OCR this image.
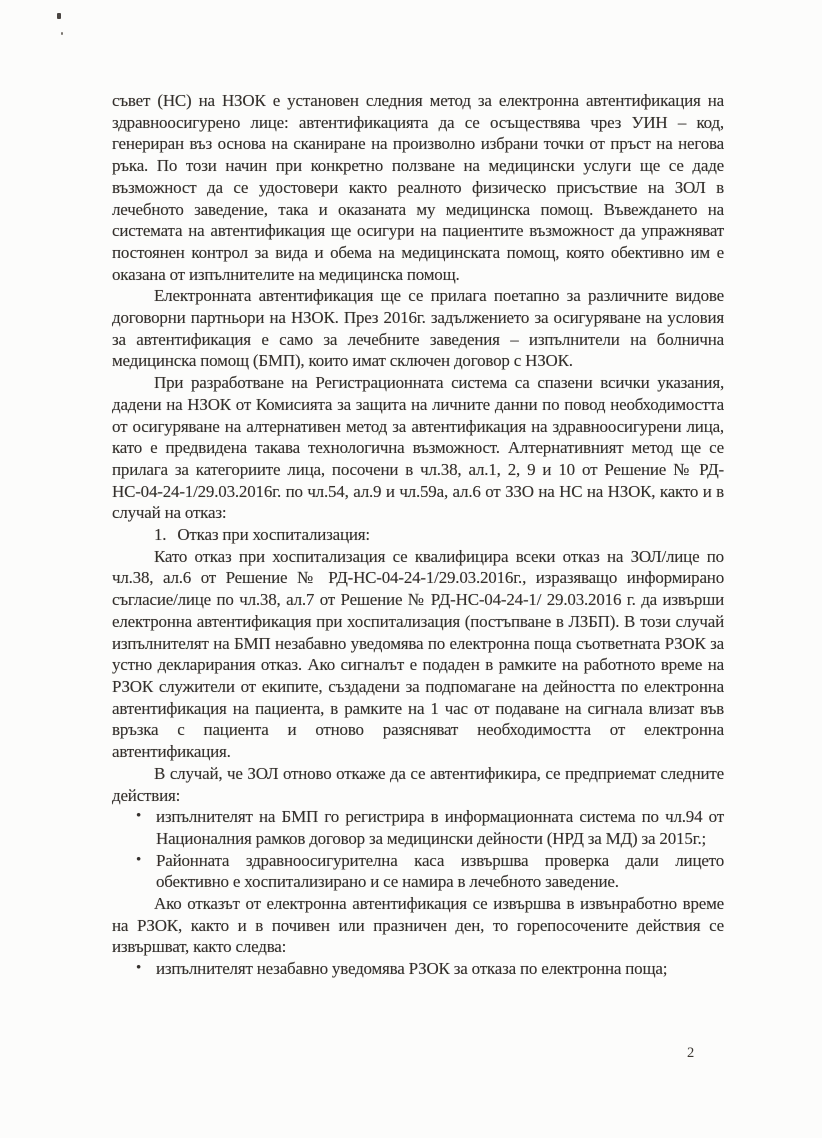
съвет (НС) на НЗОК е установен следния метод за електронна автентификация на здравноосигурено лице: автентификацията да се осъществява чрез УИН – код, генериран въз основа на сканиране на произволно избрани точки от пръст на негова ръка. По този начин при конкретно ползване на медицински услуги ще се даде възможност да се удостовери както реалното физическо присъствие на ЗОЛ в лечебното заведение, така и оказаната му медицинска помощ. Въвеждането на системата на автентификация ще осигури на пациентите възможност да упражняват постоянен контрол за вида и обема на медицинската помощ, която обективно им е оказана от изпълнителите на медицинска помощ.

Електронната автентификация ще се прилага поетапно за различните видове договорни партньори на НЗОК. През 2016г. задължението за осигуряване на условия за автентификация е само за лечебните заведения – изпълнители на болнична медицинска помощ (БМП), които имат сключен договор с НЗОК.

При разработване на Регистрационната система са спазени всички указания, дадени на НЗОК от Комисията за защита на личните данни по повод необходимостта от осигуряване на алтернативен метод за автентификация на здравноосигурени лица, като е предвидена такава технологична възможност. Алтернативният метод ще се прилага за категориите лица, посочени в чл.38, ал.1, 2, 9 и 10 от Решение № РД-НС-04-24-1/29.03.2016г. по чл.54, ал.9 и чл.59а, ал.6 от ЗЗО на НС на НЗОК, както и в случай на отказ:

1. Отказ при хоспитализация:

Като отказ при хоспитализация се квалифицира всеки отказ на ЗОЛ/лице по чл.38, ал.6 от Решение № РД-НС-04-24-1/29.03.2016г., изразяващо информирано съгласие/лице по чл.38, ал.7 от Решение № РД-НС-04-24-1/ 29.03.2016 г. да извърши електронна автентификация при хоспитализация (постъпване в ЛЗБП). В този случай изпълнителят на БМП незабавно уведомява по електронна поща съответната РЗОК за устно декларирания отказ. Ако сигналът е подаден в рамките на работното време на РЗОК служители от екипите, създадени за подпомагане на дейността по електронна автентификация на пациента, в рамките на 1 час от подаване на сигнала влизат във връзка с пациента и отново разясняват необходимостта от електронна автентификация.

В случай, че ЗОЛ отново откаже да се автентификира, се предприемат следните действия:

• изпълнителят на БМП го регистрира в информационната система по чл.94 от Националния рамков договор за медицински дейности (НРД за МД) за 2015г.;
• Районната здравноосигурителна каса извършва проверка дали лицето обективно е хоспитализирано и се намира в лечебното заведение.

Ако отказът от електронна автентификация се извършва в извънработно време на РЗОК, както и в почивен или празничен ден, то горепосочените действия се извършват, както следва:

• изпълнителят незабавно уведомява РЗОК за отказа по електронна поща;
2
